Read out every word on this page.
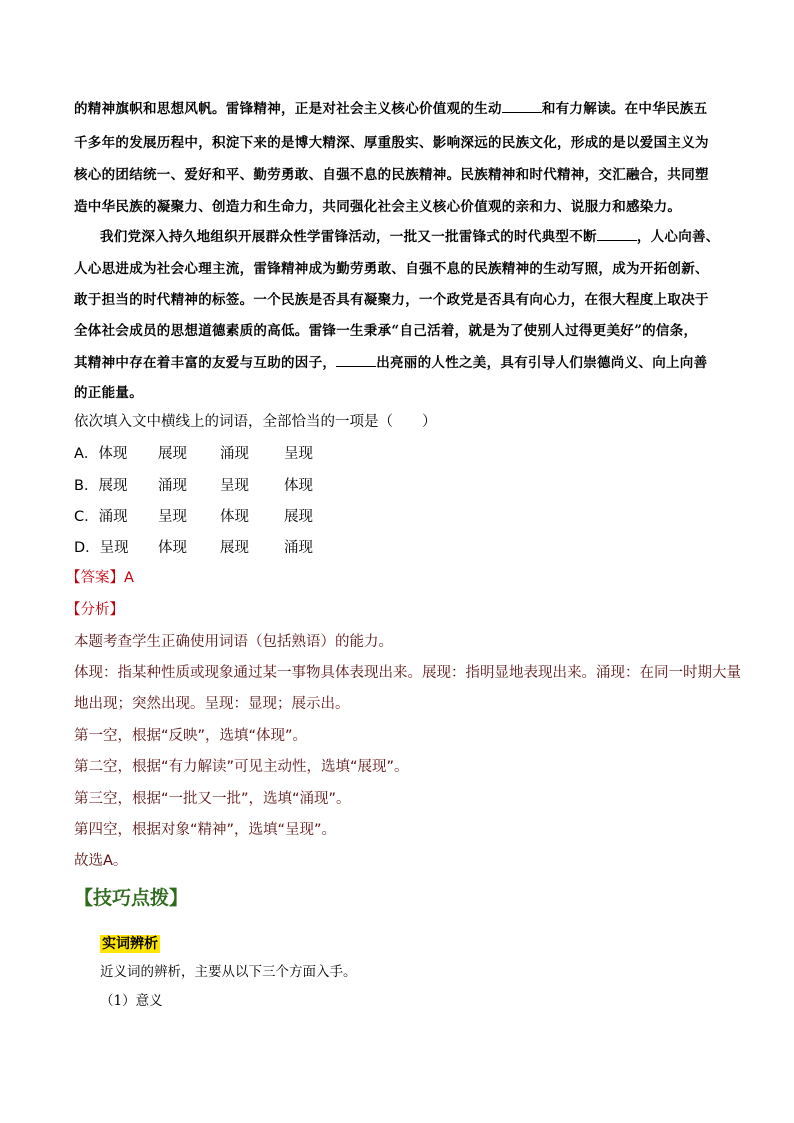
的精神旗帜和思想风帆。雷锋精神，正是对社会主义核心价值观的生动	和有力解读。在中华民族五
千多年的发展历程中，积淀下来的是博大精深、厚重殷实、影响深远的民族文化，形成的是以爱国主义为
核心的团结统一、爱好和平、勤劳勇敢、自强不息的民族精神。民族精神和时代精神，交汇融合，共同塑
造中华民族的凝聚力、创造力和生命力，共同强化社会主义核心价值观的亲和力、说服力和感染力。
我们党深入持久地组织开展群众性学雷锋活动，一批又一批雷锋式的时代典型不断	，人心向善、
人心思进成为社会心理主流，雷锋精神成为勤劳勇敢、自强不息的民族精神的生动写照，成为开拓创新、
敢于担当的时代精神的标签。一个民族是否具有凝聚力，一个政党是否具有向心力，在很大程度上取决于
全体社会成员的思想道德素质的高低。雷锋一生秉承“自己活着，就是为了使别人过得更美好”的信条，
其精神中存在着丰富的友爱与互助的因子，	出亮丽的人性之美，具有引导人们崇德尚义、向上向善
的正能量。
依次填入文中横线上的词语，全部恰当的一项是（　　）
A．体现 展现 涌现 呈现
B．展现 涌现 呈现 体现
C．涌现 呈现 体现 展现
D．呈现 体现 展现 涌现
【答案】A
【分析】
本题考查学生正确使用词语（包括熟语）的能力。
体现：指某种性质或现象通过某一事物具体表现出来。展现：指明显地表现出来。涌现：在同一时期大量
地出现；突然出现。呈现：显现；展示出。
第一空，根据“反映”，选填“体现”。
第二空，根据“有力解读”可见主动性，选填“展现”。
第三空，根据“一批又一批”，选填“涌现”。
第四空，根据对象“精神”，选填“呈现”。
故选A。
【技巧点拨】
实词辨析
近义词的辨析，主要从以下三个方面入手。
（1）意义
